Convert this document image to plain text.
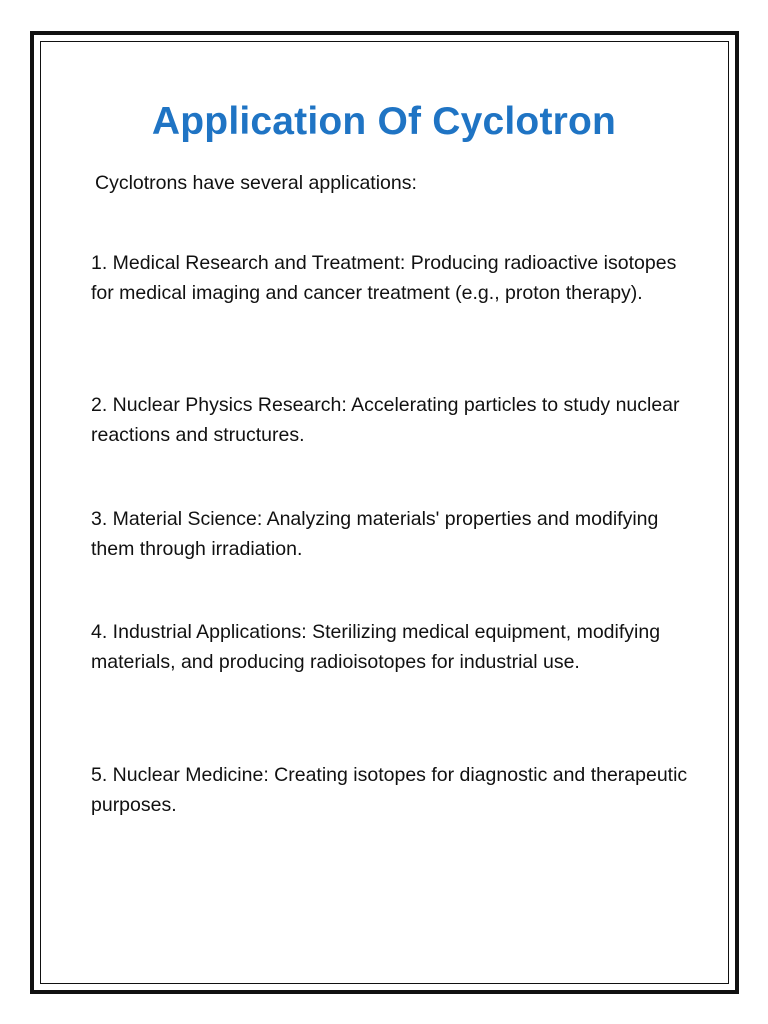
Application Of Cyclotron

Cyclotrons have several applications:

1. Medical Research and Treatment: Producing radioactive isotopes for medical imaging and cancer treatment (e.g., proton therapy).

2. Nuclear Physics Research: Accelerating particles to study nuclear reactions and structures.

3. Material Science: Analyzing materials' properties and modifying them through irradiation.

4. Industrial Applications: Sterilizing medical equipment, modifying materials, and producing radioisotopes for industrial use.

5. Nuclear Medicine: Creating isotopes for diagnostic and therapeutic purposes.
